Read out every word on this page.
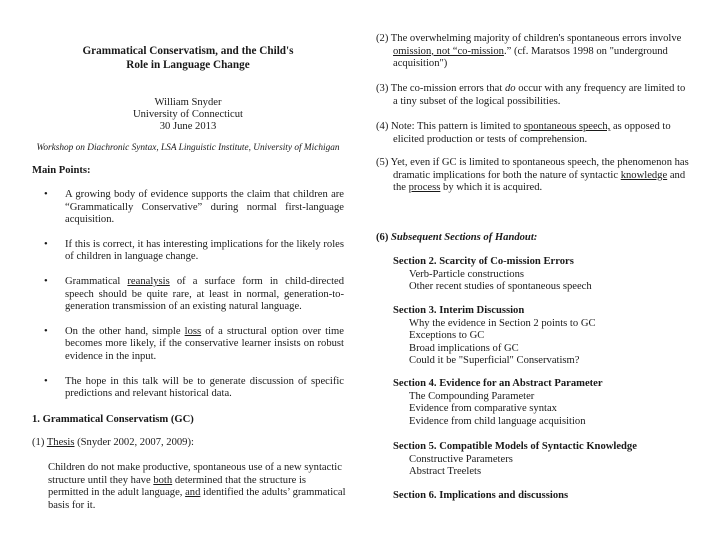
Grammatical Conservatism, and the Child's
Role in Language Change
William Snyder
University of Connecticut
30 June 2013
Workshop on Diachronic Syntax, LSA Linguistic Institute, University of Michigan
Main Points:
• A growing body of evidence supports the claim that children are “Grammatically Conservative” during normal first-language acquisition.
• If this is correct, it has interesting implications for the likely roles of children in language change.
• Grammatical reanalysis of a surface form in child-directed speech should be quite rare, at least in normal, generation-to-generation transmission of an existing natural language.
• On the other hand, simple loss of a structural option over time becomes more likely, if the conservative learner insists on robust evidence in the input.
• The hope in this talk will be to generate discussion of specific predictions and relevant historical data.
1. Grammatical Conservatism (GC)
(1) Thesis (Snyder 2002, 2007, 2009):
Children do not make productive, spontaneous use of a new syntactic structure until they have both determined that the structure is permitted in the adult language, and identified the adults’ grammatical basis for it.
(2) The overwhelming majority of children's spontaneous errors involve omission, not “co-mission.” (cf. Maratsos 1998 on "underground acquisition")
(3) The co-mission errors that do occur with any frequency are limited to a tiny subset of the logical possibilities.
(4) Note: This pattern is limited to spontaneous speech, as opposed to elicited production or tests of comprehension.
(5) Yet, even if GC is limited to spontaneous speech, the phenomenon has dramatic implications for both the nature of syntactic knowledge and the process by which it is acquired.
(6) Subsequent Sections of Handout:
Section 2. Scarcity of Co-mission Errors
Verb-Particle constructions
Other recent studies of spontaneous speech
Section 3. Interim Discussion
Why the evidence in Section 2 points to GC
Exceptions to GC
Broad implications of GC
Could it be "Superficial" Conservatism?
Section 4. Evidence for an Abstract Parameter
The Compounding Parameter
Evidence from comparative syntax
Evidence from child language acquisition
Section 5. Compatible Models of Syntactic Knowledge
Constructive Parameters
Abstract Treelets
Section 6. Implications and discussions
